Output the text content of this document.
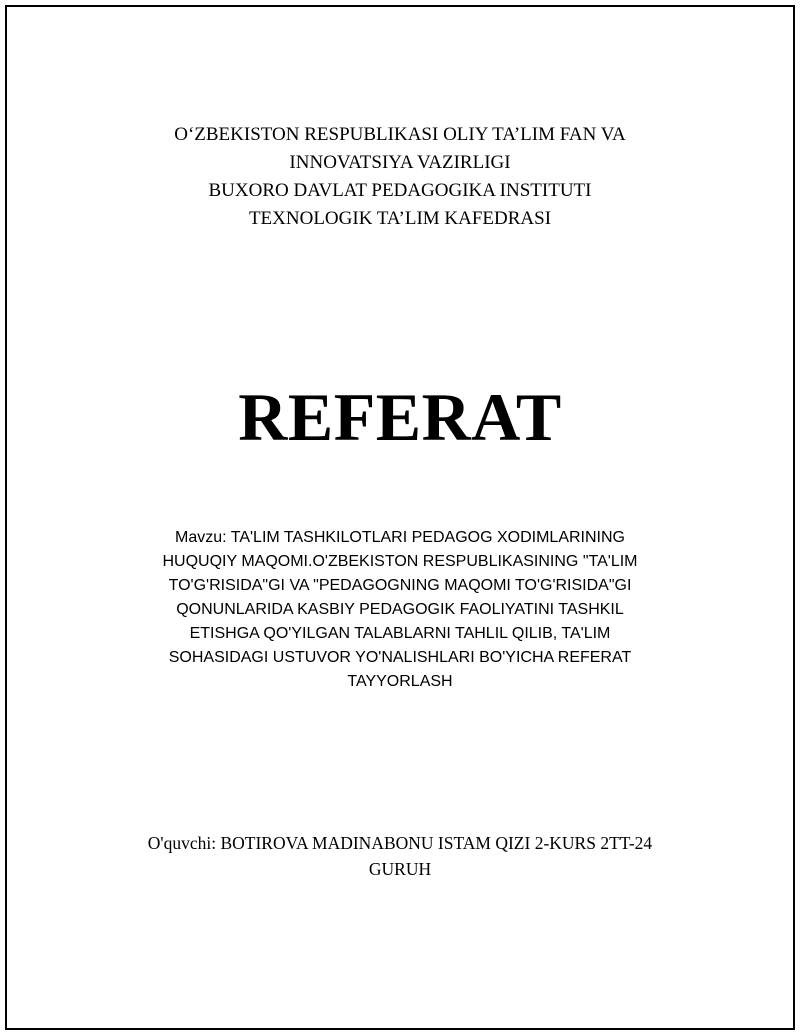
O‘ZBEKISTON RESPUBLIKASI OLIY TA’LIM FAN VA
INNOVATSIYA VAZIRLIGI
BUXORO DAVLAT PEDAGOGIKA INSTITUTI
TEXNOLOGIK TA’LIM KAFEDRASI
REFERAT
Mavzu: TA'LIM TASHKILOTLARI PEDAGOG XODIMLARINING
HUQUQIY MAQOMI.O'ZBEKISTON RESPUBLIKASINING "TA'LIM
TO'G'RISIDA"GI VA "PEDAGOGNING MAQOMI TO'G'RISIDA"GI
QONUNLARIDA KASBIY PEDAGOGIK FAOLIYATINI TASHKIL
ETISHGA QO'YILGAN TALABLARNI TAHLIL QILIB, TA'LIM
SOHASIDAGI USTUVOR YO'NALISHLARI BO'YICHA REFERAT
TAYYORLASH
O'quvchi: BOTIROVA MADINABONU ISTAM QIZI 2-KURS 2TT-24
GURUH
